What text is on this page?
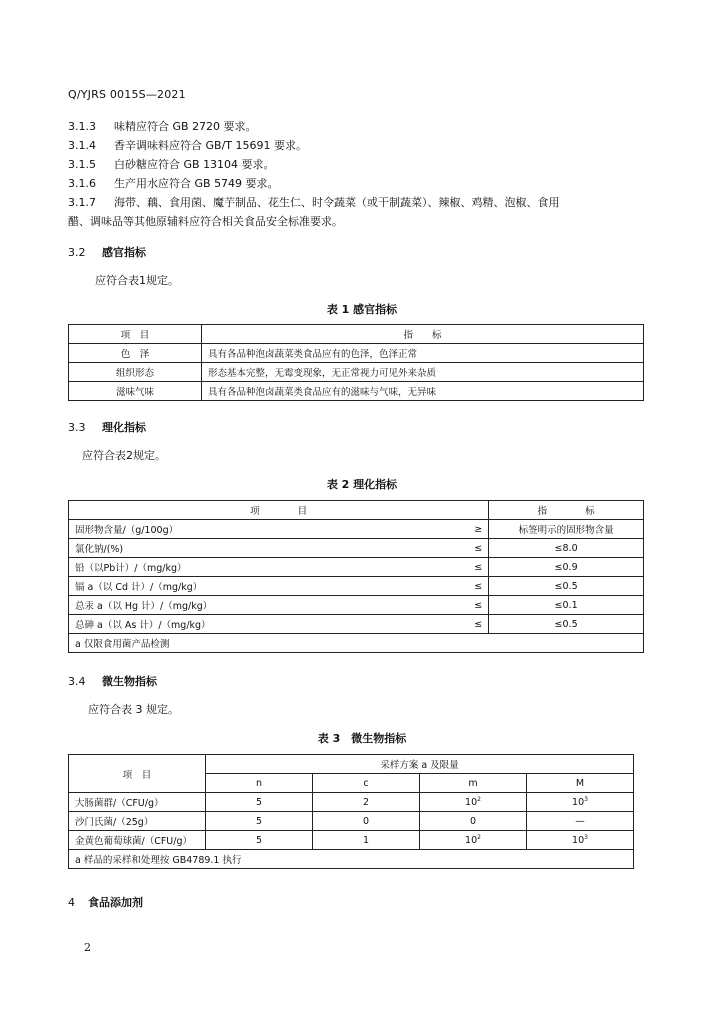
Q/YJRS 0015S—2021
3.1.3 味精应符合 GB 2720 要求。
3.1.4 香辛调味料应符合 GB/T 15691 要求。
3.1.5 白砂糖应符合 GB 13104 要求。
3.1.6 生产用水应符合 GB 5749 要求。
3.1.7 海带、藕、食用菌、魔芋制品、花生仁、时令蔬菜（或干制蔬菜）、辣椒、鸡精、泡椒、食用
醋、调味品等其他原辅料应符合相关食品安全标准要求。
3.2 感官指标
应符合表1规定。
表 1 感官指标
项　目	指　　标
色　泽	具有各品种泡卤蔬菜类食品应有的色泽，色泽正常
组织形态	形态基本完整，无霉变现象，无正常视力可见外来杂质
滋味气味	具有各品种泡卤蔬菜类食品应有的滋味与气味，无异味
3.3 理化指标
应符合表2规定。
表 2 理化指标
项　　　　目		指　　　　标
固形物含量/（g/100g）	≥	标签明示的固形物含量
氯化钠/(%)	≤	≤8.0
铅（以Pb计）/（mg/kg）	≤	≤0.9
镉 a（以 Cd 计）/（mg/kg）	≤	≤0.5
总汞 a（以 Hg 计）/（mg/kg）	≤	≤0.1
总砷 a（以 As 计）/（mg/kg）	≤	≤0.5
a 仅限食用菌产品检测		
3.4 微生物指标
应符合表 3 规定。
表 3　微生物指标
项　目	采样方案 a 及限量			
	n	c	m	M
大肠菌群/（CFU/g）	5	2	$10^2$	$10^3$
沙门氏菌/（25g）	5	0	0	—
金黄色葡萄球菌/（CFU/g）	5	1	$10^2$	$10^3$
a 样品的采样和处理按 GB4789.1 执行				
4 食品添加剂
2
